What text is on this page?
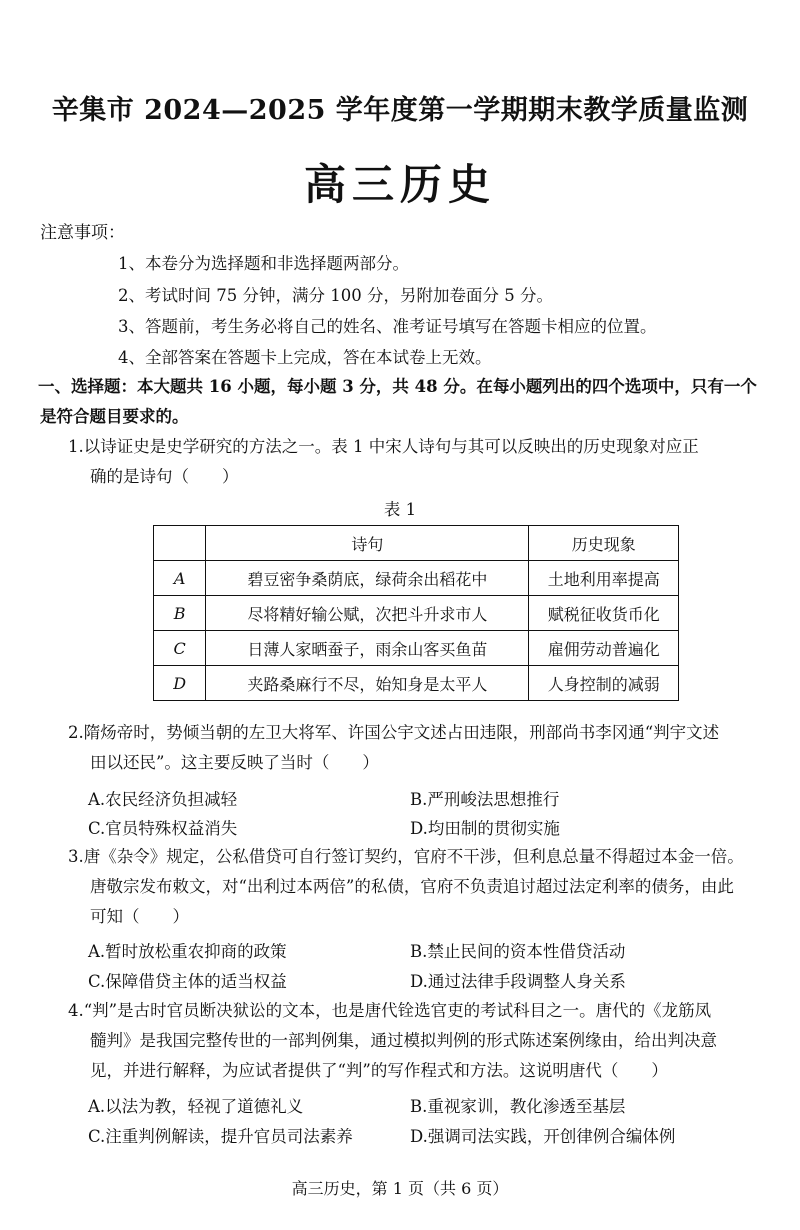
辛集市 2024—2025 学年度第一学期期末教学质量监测
高三历史
注意事项：
1、本卷分为选择题和非选择题两部分。
2、考试时间 75 分钟，满分 100 分，另附加卷面分 5 分。
3、答题前，考生务必将自己的姓名、准考证号填写在答题卡相应的位置。
4、全部答案在答题卡上完成，答在本试卷上无效。
一、选择题：本大题共 16 小题，每小题 3 分，共 48 分。在每小题列出的四个选项中，只有一个
是符合题目要求的。
1.以诗证史是史学研究的方法之一。表 1 中宋人诗句与其可以反映出的历史现象对应正
确的是诗句（　　）
表 1
	诗句	历史现象
A	碧豆密争桑荫底，绿荷余出稻花中	土地利用率提高
B	尽将精好输公赋，次把斗升求市人	赋税征收货币化
C	日薄人家晒蚕子，雨余山客买鱼苗	雇佣劳动普遍化
D	夹路桑麻行不尽，始知身是太平人	人身控制的减弱
2.隋炀帝时，势倾当朝的左卫大将军、许国公宇文述占田违限，刑部尚书李冈通“判宇文述
田以还民”。这主要反映了当时（　　）
A.农民经济负担减轻	B.严刑峻法思想推行
C.官员特殊权益消失	D.均田制的贯彻实施
3.唐《杂令》规定，公私借贷可自行签订契约，官府不干涉，但利息总量不得超过本金一倍。
唐敬宗发布敕文，对“出利过本两倍”的私债，官府不负责追讨超过法定利率的债务，由此
可知（　　）
A.暂时放松重农抑商的政策	B.禁止民间的资本性借贷活动
C.保障借贷主体的适当权益	D.通过法律手段调整人身关系
4.“判”是古时官员断决狱讼的文本，也是唐代铨选官吏的考试科目之一。唐代的《龙筋凤
髓判》是我国完整传世的一部判例集，通过模拟判例的形式陈述案例缘由，给出判决意
见，并进行解释，为应试者提供了“判”的写作程式和方法。这说明唐代（　　）
A.以法为教，轻视了道德礼义	B.重视家训，教化渗透至基层
C.注重判例解读，提升官员司法素养	D.强调司法实践，开创律例合编体例
高三历史，第 1 页（共 6 页）
